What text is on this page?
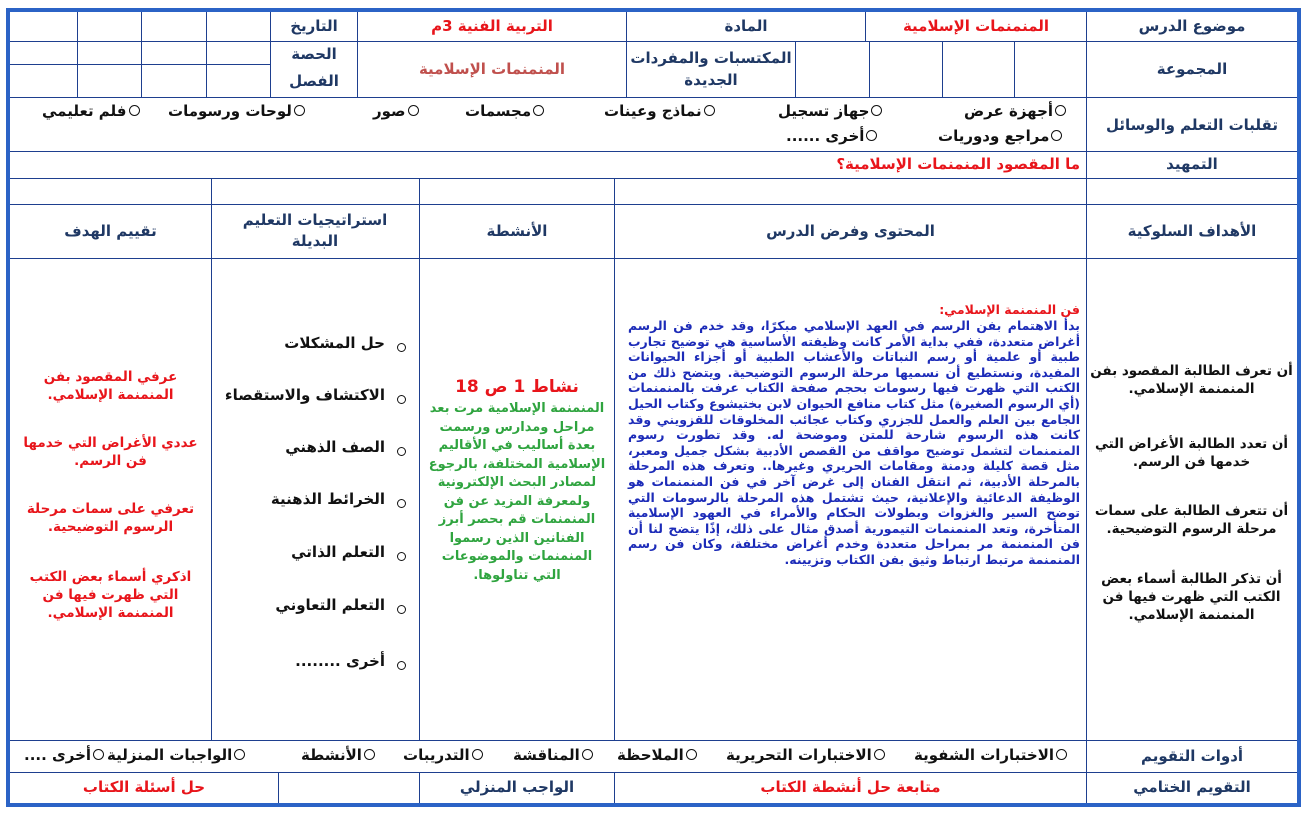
موضوع الدرس
المنمنمات الإسلامية
المادة
التربية الفنية 3م
التاريخ
المجموعة
المكتسبات والمفردات الجديدة
المنمنمات الإسلامية
الحصة
الفصل
تقلبات التعلم والوسائل
أجهزة عرض
جهاز تسجيل
نماذج وعينات
مجسمات
صور
لوحات ورسومات
فلم تعليمي
مراجع ودوريات
أخرى ......
التمهيد
ما المقصود المنمنمات الإسلامية؟
الأهداف السلوكية
المحتوى وفرض الدرس
الأنشطة
استراتيجيات التعليم البديلة
تقييم الهدف
أن تعرف الطالبة المقصود بفن المنمنمة الإسلامي.
أن تعدد الطالبة الأغراض التي خدمها فن الرسم.
أن تتعرف الطالبة على سمات مرحلة الرسوم التوضيحية.
أن تذكر الطالبة أسماء بعض الكتب التي ظهرت فيها فن المنمنمة الإسلامي.
فن المنمنمة الإسلامي:
بدأ الاهتمام بفن الرسم في العهد الإسلامي مبكرًا، وقد خدم فن الرسم أغراض متعددة، ففي بداية الأمر كانت وظيفته الأساسية هي توضيح تجارب طبية أو علمية أو رسم النباتات والأعشاب الطبية أو أجزاء الحيوانات المفيدة، ونستطيع أن نسميها مرحلة الرسوم التوضيحية. ويتضح ذلك من الكتب التي ظهرت فيها رسومات بحجم صفحة الكتاب عرفت بالمنمنمات (أي الرسوم الصغيرة) مثل كتاب منافع الحيوان لابن بختيشوع وكتاب الحيل الجامع بين العلم والعمل للجزري وكتاب عجائب المخلوقات للقزويني وقد كانت هذه الرسوم شارحة للمتن وموضحة له. وقد تطورت رسوم المنمنمات لتشمل توضيح مواقف من القصص الأدبية بشكل جميل ومعبر، مثل قصة كليلة ودمنة ومقامات الحريري وغيرها.. وتعرف هذه المرحلة بالمرحلة الأدبية، ثم انتقل الفنان إلى غرض آخر في فن المنمنمات هو الوظيفة الدعائية والإعلانية، حيث تشتمل هذه المرحلة بالرسومات التي توضح السير والغزوات وبطولات الحكام والأمراء في العهود الإسلامية المتأخرة، وتعد المنمنمات التيمورية أصدق مثال على ذلك، إذًا يتضح لنا أن فن المنمنمة مر بمراحل متعددة وخدم أغراض مختلفة، وكان فن رسم المنمنمة مرتبط ارتباط وثيق بفن الكتاب وتزيينه.
نشاط 1 ص 18
المنمنمة الإسلامية مرت بعد مراحل ومدارس ورسمت بعدة أساليب في الأقاليم الإسلامية المختلفة، بالرجوع لمصادر البحث الإلكترونية ولمعرفة المزيد عن فن المنمنمات قم بحصر أبرز الفنانين الذين رسموا المنمنمات والموضوعات التي تناولوها.
حل المشكلات
الاكتشاف والاستقصاء
الصف الذهني
الخرائط الذهنية
التعلم الذاتي
التعلم التعاوني
أخرى ........
عرفي المقصود بفن المنمنمة الإسلامي.
عددي الأغراض التي خدمها فن الرسم.
تعرفي على سمات مرحلة الرسوم التوضيحية.
اذكري أسماء بعض الكتب التي ظهرت فيها فن المنمنمة الإسلامي.
أدوات التقويم
الاختبارات الشفوية
الاختبارات التحريرية
الملاحظة
المناقشة
التدريبات
الأنشطة
الواجبات المنزلية
أخرى ....
التقويم الختامي
متابعة حل أنشطة الكتاب
الواجب المنزلي
حل أسئلة الكتاب
